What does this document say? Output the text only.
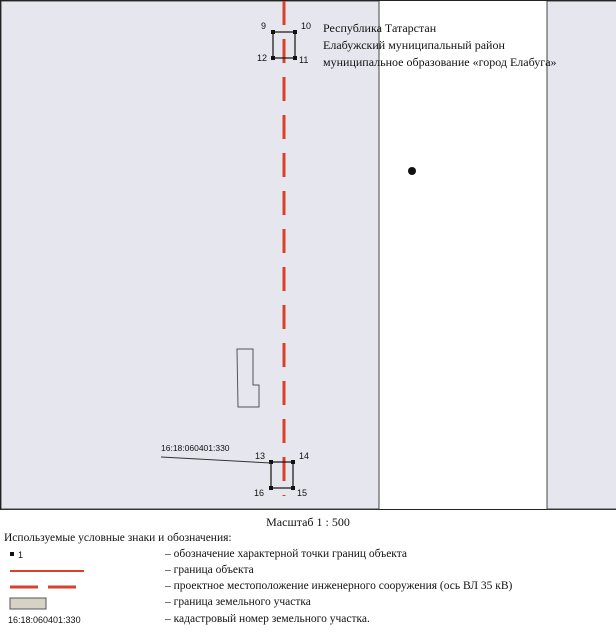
9	10
11
12
Республика Татарстан
Елабужский муниципальный район
муниципальное образование «город Елабуга»
16:18:060401:330
13	14
15
16
Масштаб 1 : 500
Используемые условные знаки и обозначения:
1	– обозначение характерной точки границ объекта
– граница объекта
– проектное местоположение инженерного сооружения (ось ВЛ 35 кВ)
– граница земельного участка
16:18:060401:330	– кадастровый номер земельного участка.
